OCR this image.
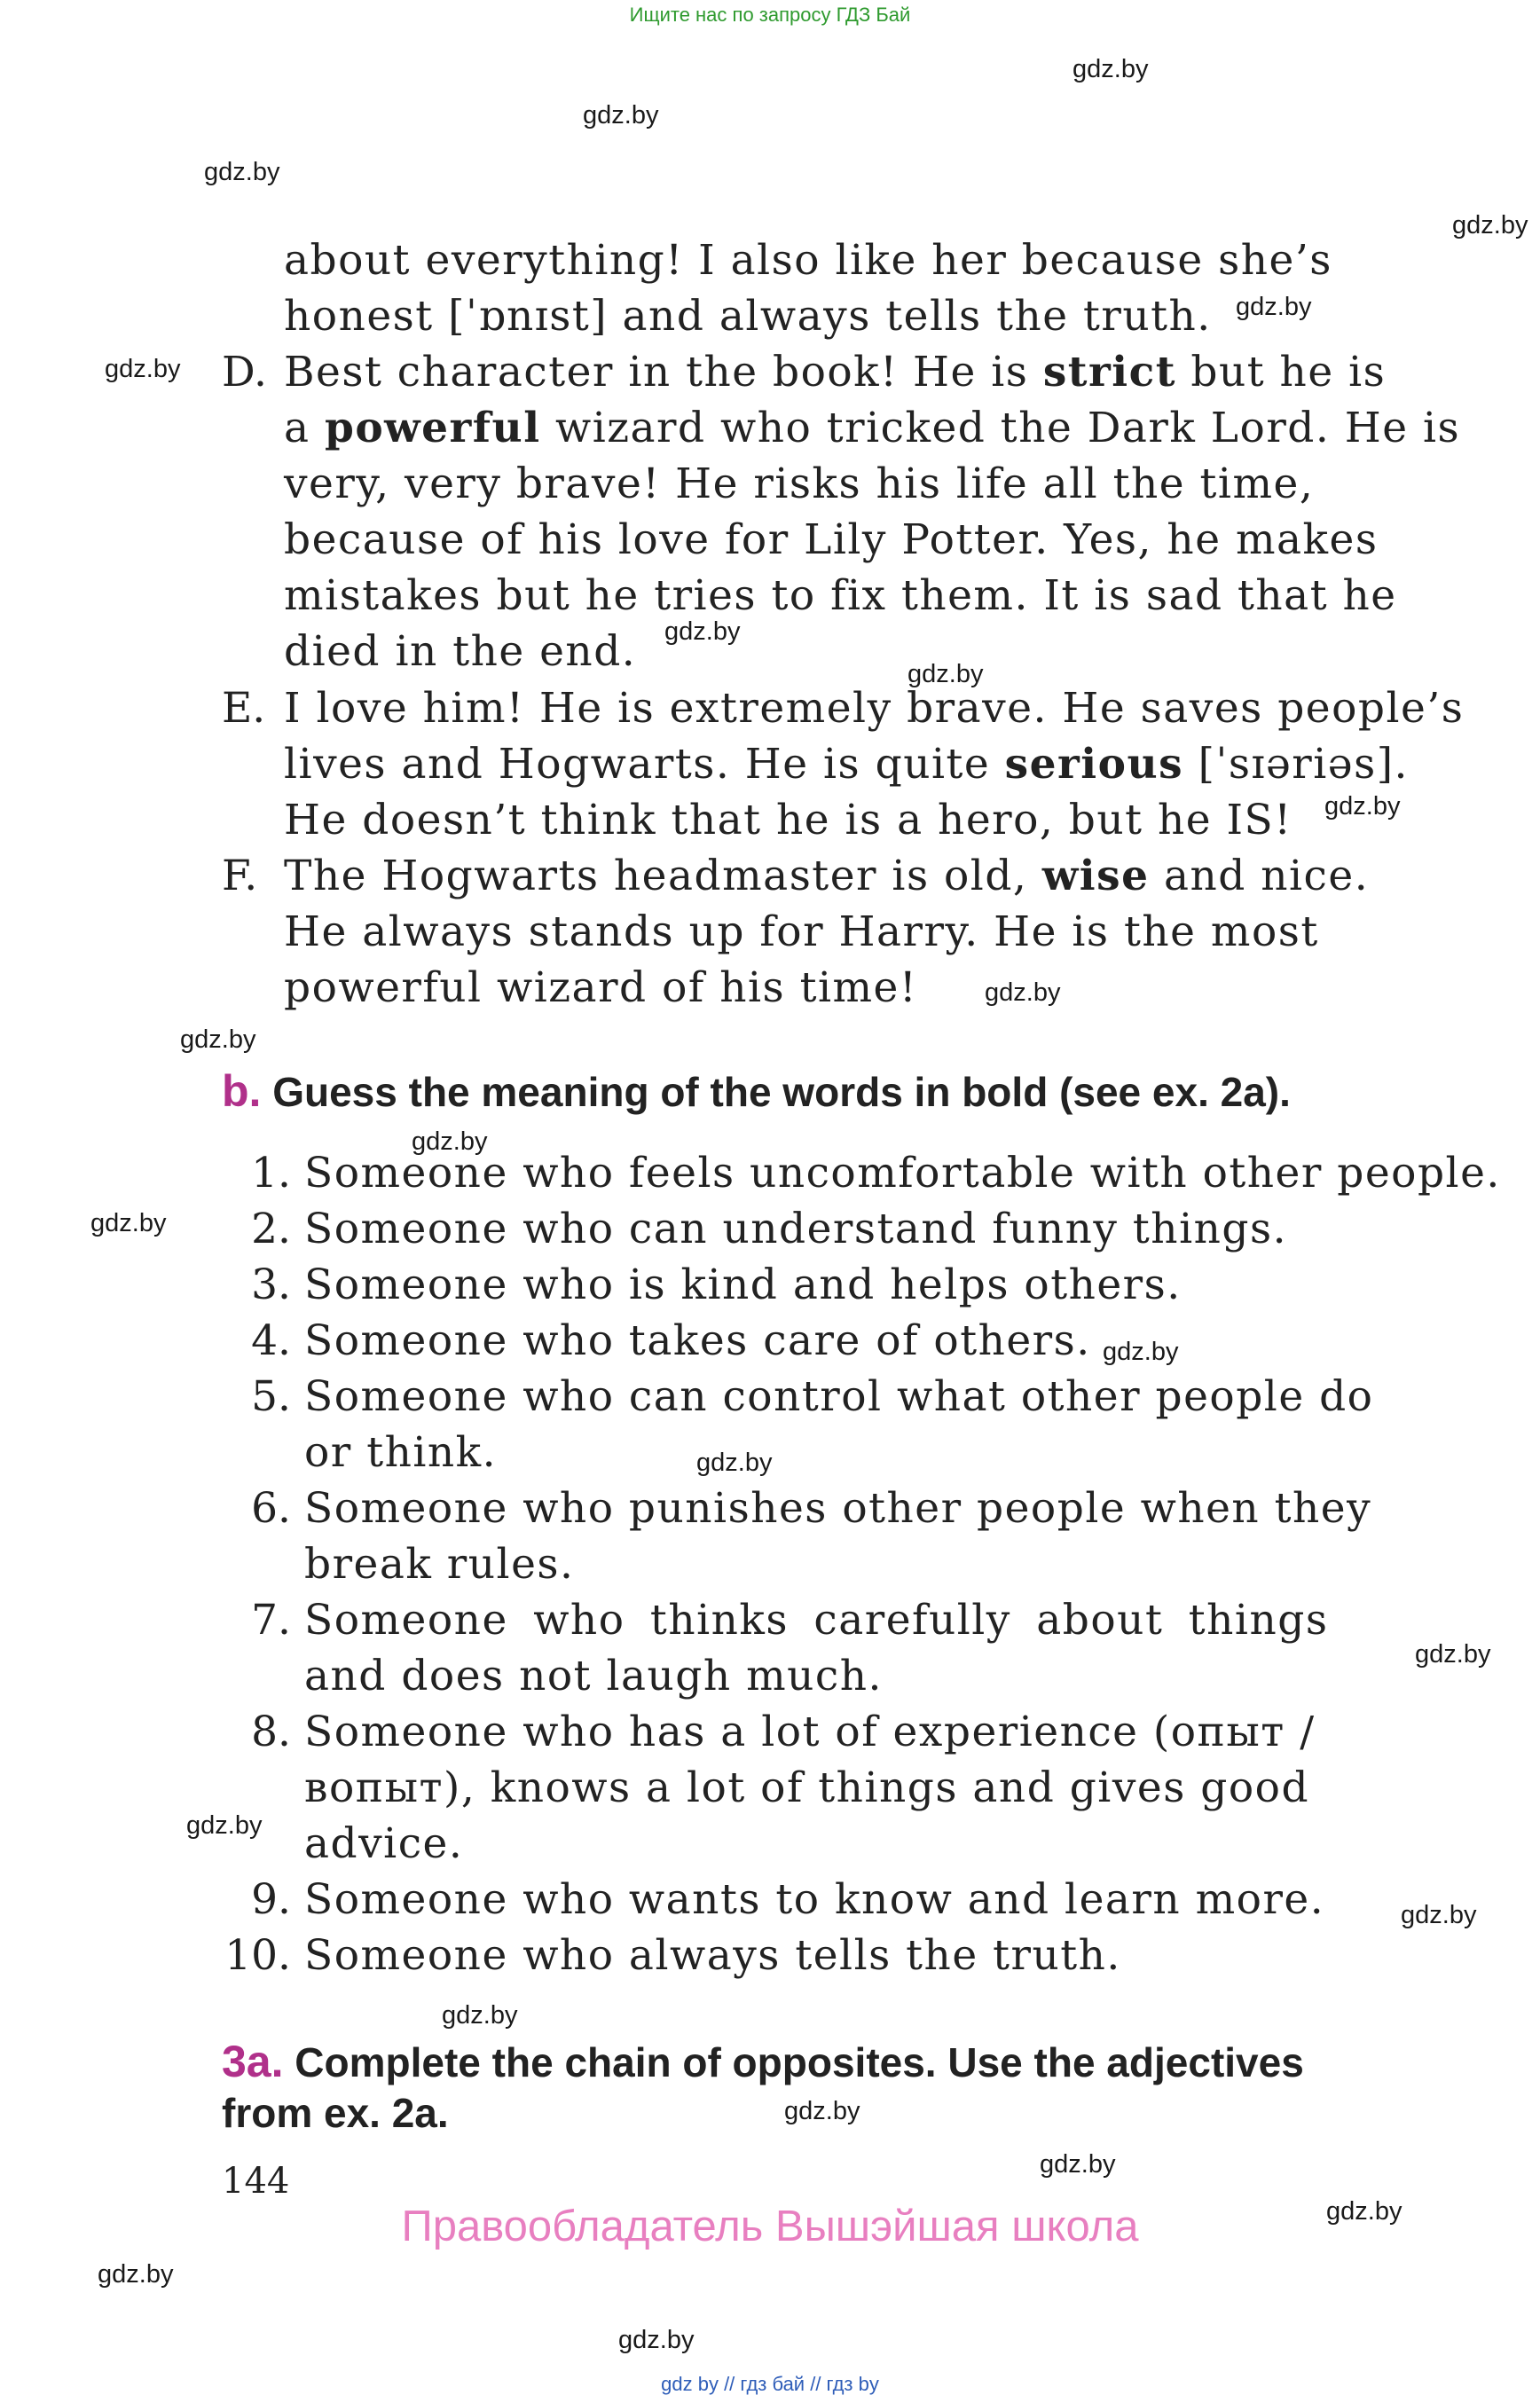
Ищите нас по запросу ГДЗ Бай
gdz.by
gdz.by
gdz.by
gdz.by
gdz.by
gdz.by
gdz.by
gdz.by
gdz.by
gdz.by
gdz.by
gdz.by
gdz.by
gdz.by
gdz.by
gdz.by
gdz.by
gdz.by
gdz.by
gdz.by
gdz.by
gdz.by
gdz.by
gdz.by
about everything! I also like her because she’s
honest [ˈɒnɪst] and always tells the truth.
D. Best character in the book! He is strict but he is
a powerful wizard who tricked the Dark Lord. He is
very, very brave! He risks his life all the time,
because of his love for Lily Potter. Yes, he makes
mistakes but he tries to fix them. It is sad that he
died in the end.
E. I love him! He is extremely brave. He saves people’s
lives and Hogwarts. He is quite serious [ˈsɪəriəs].
He doesn’t think that he is a hero, but he IS!
F. The Hogwarts headmaster is old, wise and nice.
He always stands up for Harry. He is the most
powerful wizard of his time!
b. Guess the meaning of the words in bold (see ex. 2a).
1. Someone who feels uncomfortable with other people.
2. Someone who can understand funny things.
3. Someone who is kind and helps others.
4. Someone who takes care of others.
5. Someone who can control what other people do
or think.
6. Someone who punishes other people when they
break rules.
7. Someone who thinks carefully about things
and does not laugh much.
8. Someone who has a lot of experience (опыт /
вопыт), knows a lot of things and gives good
advice.
9. Someone who wants to know and learn more.
10. Someone who always tells the truth.
3a. Complete the chain of opposites. Use the adjectives
from ex. 2a.
144
Правообладатель Вышэйшая школа
gdz by // гдз бай // гдз by
